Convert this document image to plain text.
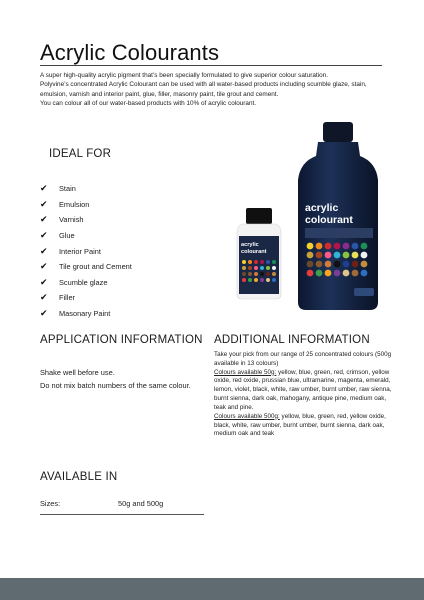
Acrylic Colourants

A super high-quality acrylic pigment that’s been specially formulated to give superior colour saturation.

Polyvine’s concentrated Acrylic Colourant can be used with all water-based products including scumble glaze, stain, emulsion, varnish and interior paint, glue, filler, masonry paint, tile grout and cement.

You can colour all of our water-based products with 10% of acrylic colourant.

IDEAL FOR
✔	Stain
✔	Emulsion
✔	Varnish
✔	Glue
✔	Interior Paint
✔	Tile grout and Cement
✔	Scumble glaze
✔	Filler
✔	Masonary Paint
acrylic
colourant
acrylic
colourant
APPLICATION INFORMATION

Shake well before use.

Do not mix batch numbers of the same colour.

ADDITIONAL INFORMATION

Take your pick from our range of 25 concentrated colours (500g available in 13 colours)

Colours available 50g: yellow, blue, green, red, crimson, yellow oxide, red oxide, prussian blue, ultramarine, magenta, emerald, lemon, violet, black, white, raw umber, burnt umber, raw sienna, burnt sienna, dark oak, mahogany, antique pine, medium oak, teak and pine.

Colours available 500g: yellow, blue, green, red, yellow oxide, black, white, raw umber, burnt umber, burnt sienna, dark oak, medium oak and teak

AVAILABLE IN
Sizes:	50g and 500g
